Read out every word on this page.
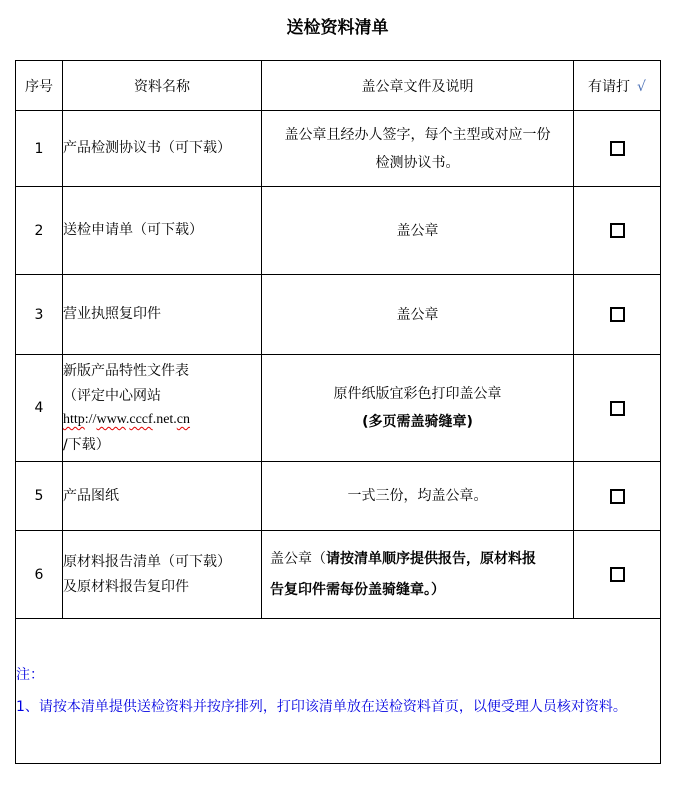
送检资料清单
序号	资料名称	盖公章文件及说明	有请打 √
1	产品检测协议书（可下载）	盖公章且经办人签字，每个主型或对应一份
检测协议书。	

2	送检申请单（可下载）	盖公章	
3	营业执照复印件	盖公章	
4	新版产品特性文件表
（评定中心网站
http://www.cccf.net.cn
/下载）	原件纸版宜彩色打印盖公章
(多页需盖骑缝章)	

5	产品图纸	一式三份，均盖公章。	
6	原材料报告清单（可下载）
及原材料报告复印件	盖公章（请按清单顺序提供报告，原材料报告复印件需每份盖骑缝章。）	

注：
1、请按本清单提供送检资料并按序排列，打印该清单放在送检资料首页，以便受理人员核对资料。			
